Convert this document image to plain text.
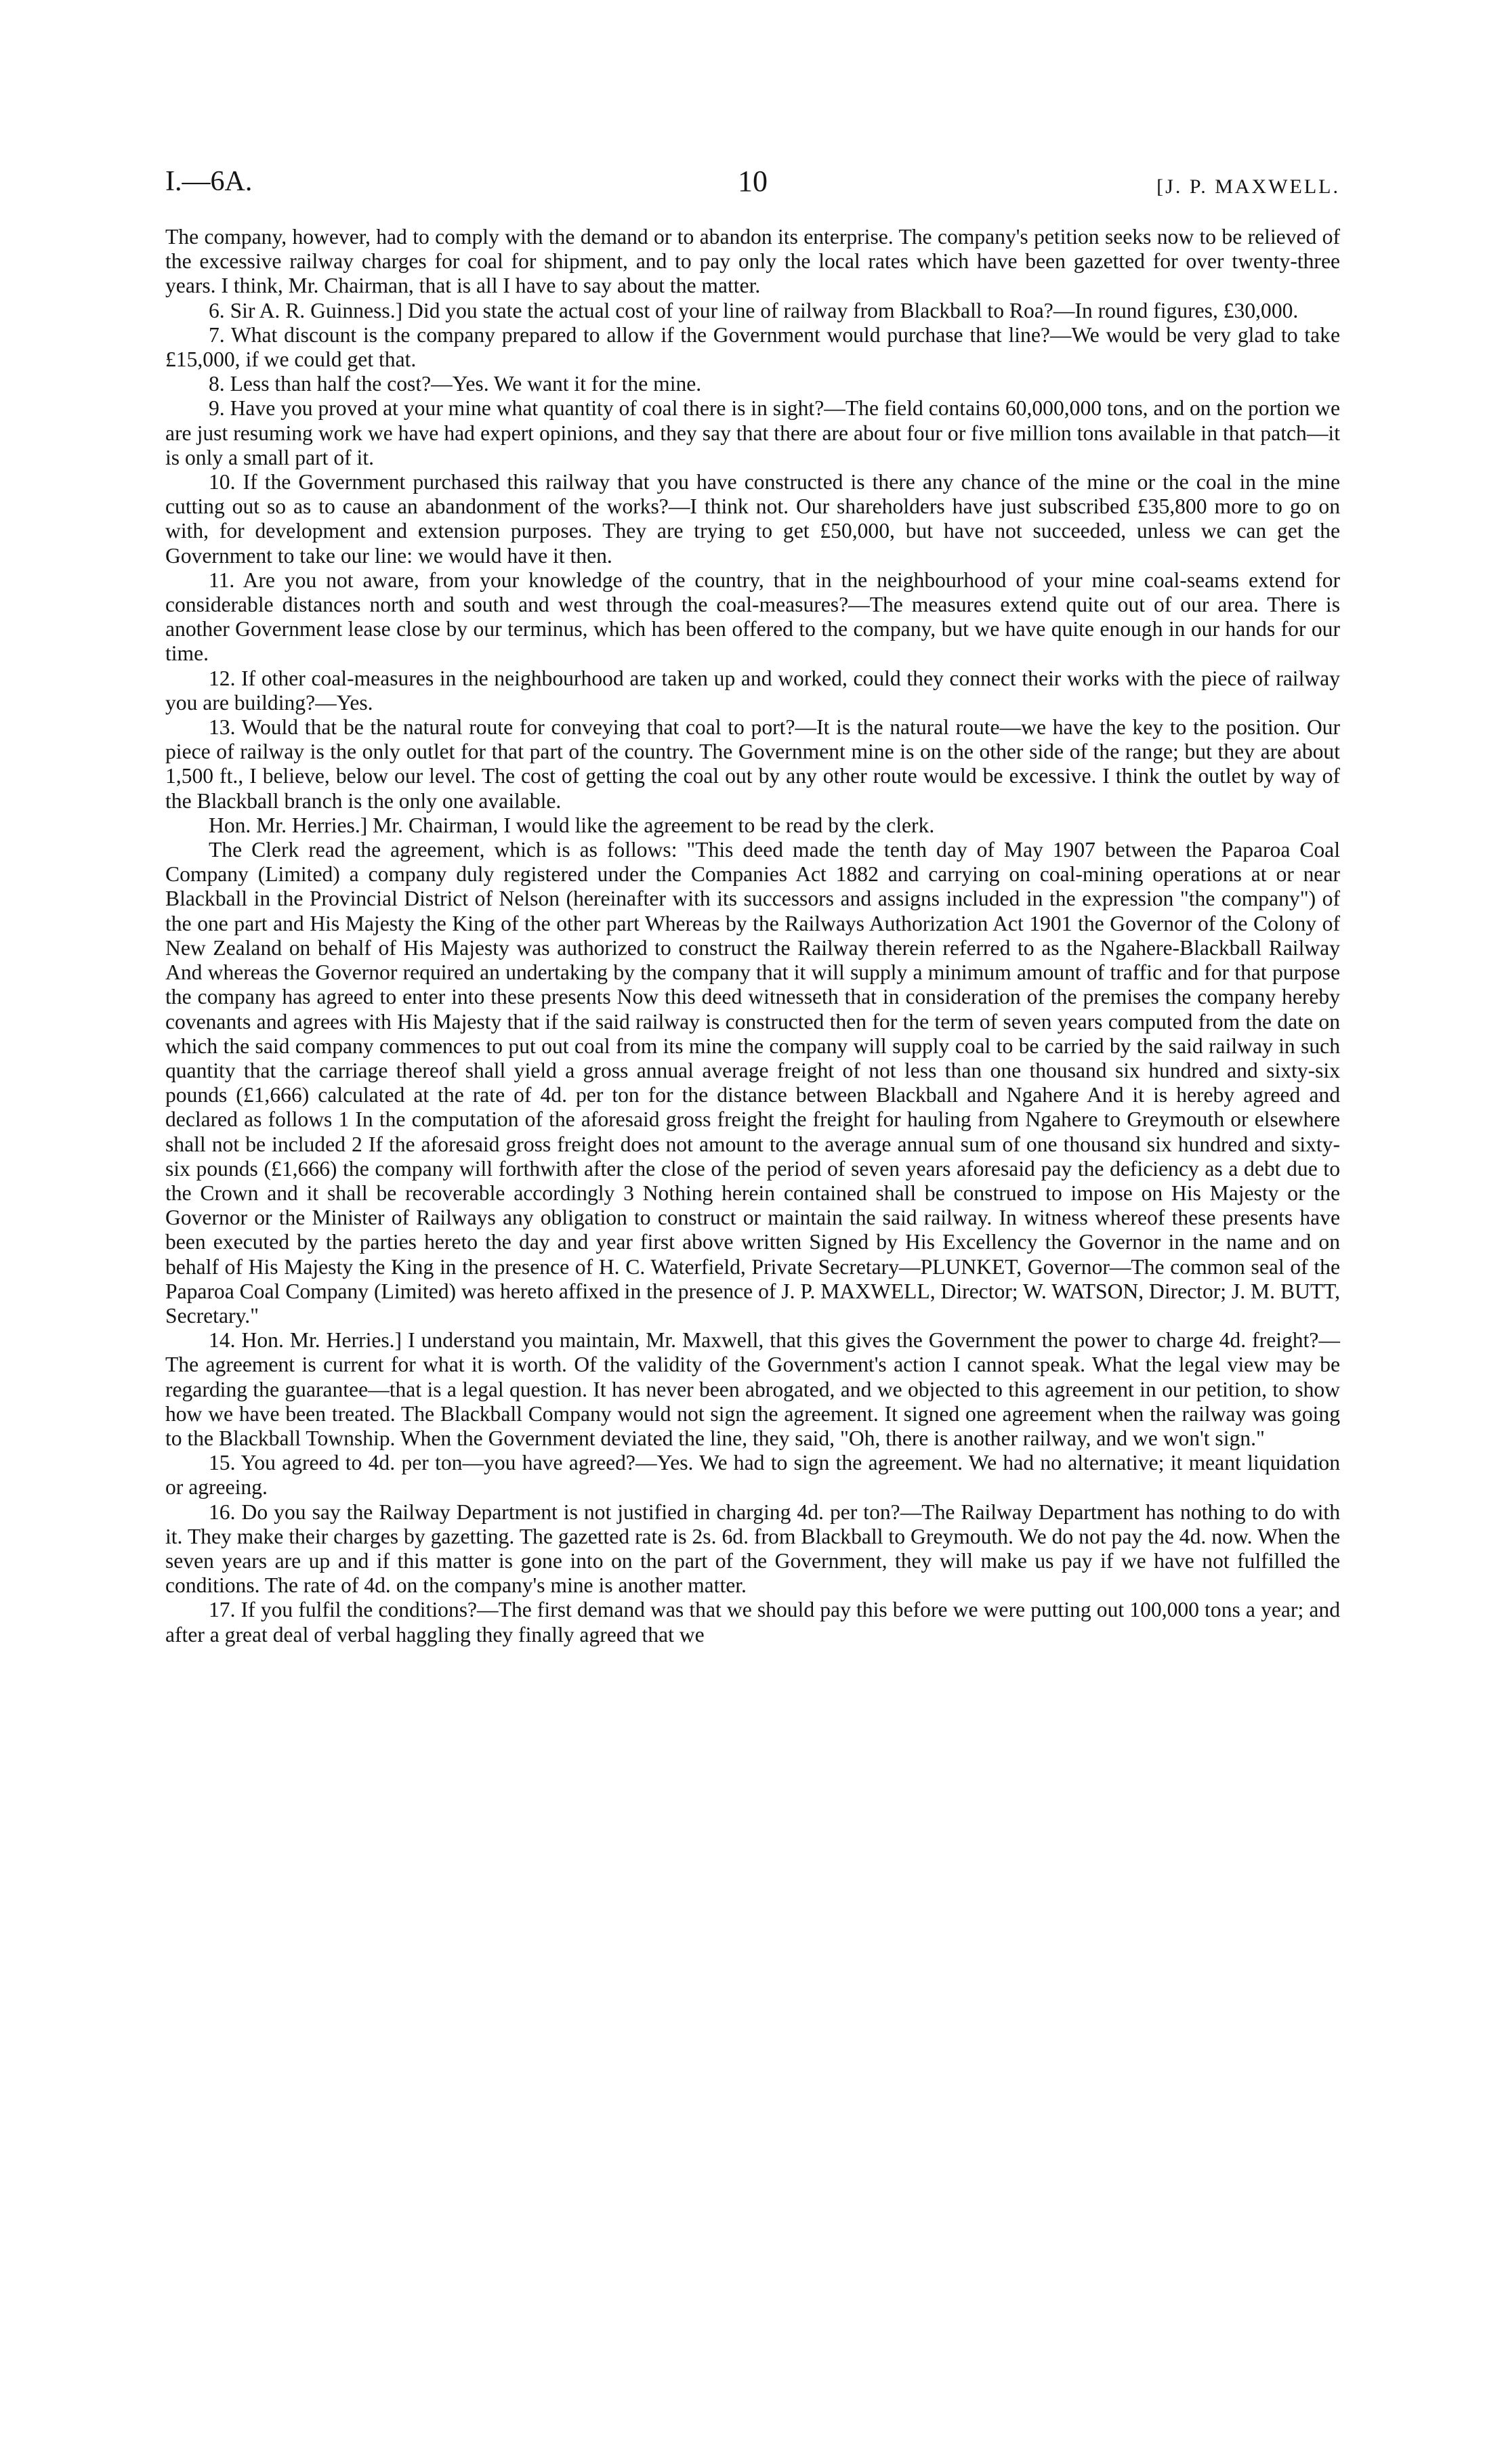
I.—6A.	10	[J. P. MAXWELL.

The company, however, had to comply with the demand or to abandon its enterprise. The company's petition seeks now to be relieved of the excessive railway charges for coal for shipment, and to pay only the local rates which have been gazetted for over twenty-three years. I think, Mr. Chairman, that is all I have to say about the matter.

6. Sir A. R. Guinness.] Did you state the actual cost of your line of railway from Blackball to Roa?—In round figures, £30,000.

7. What discount is the company prepared to allow if the Government would purchase that line?—We would be very glad to take £15,000, if we could get that.

8. Less than half the cost?—Yes. We want it for the mine.

9. Have you proved at your mine what quantity of coal there is in sight?—The field contains 60,000,000 tons, and on the portion we are just resuming work we have had expert opinions, and they say that there are about four or five million tons available in that patch—it is only a small part of it.

10. If the Government purchased this railway that you have constructed is there any chance of the mine or the coal in the mine cutting out so as to cause an abandonment of the works?—I think not. Our shareholders have just subscribed £35,800 more to go on with, for development and extension purposes. They are trying to get £50,000, but have not succeeded, unless we can get the Government to take our line: we would have it then.

11. Are you not aware, from your knowledge of the country, that in the neighbourhood of your mine coal-seams extend for considerable distances north and south and west through the coal-measures?—The measures extend quite out of our area. There is another Government lease close by our terminus, which has been offered to the company, but we have quite enough in our hands for our time.

12. If other coal-measures in the neighbourhood are taken up and worked, could they connect their works with the piece of railway you are building?—Yes.

13. Would that be the natural route for conveying that coal to port?—It is the natural route—we have the key to the position. Our piece of railway is the only outlet for that part of the country. The Government mine is on the other side of the range; but they are about 1,500 ft., I believe, below our level. The cost of getting the coal out by any other route would be excessive. I think the outlet by way of the Blackball branch is the only one available.

Hon. Mr. Herries.] Mr. Chairman, I would like the agreement to be read by the clerk.

The Clerk read the agreement, which is as follows: "This deed made the tenth day of May 1907 between the Paparoa Coal Company (Limited) a company duly registered under the Companies Act 1882 and carrying on coal-mining operations at or near Blackball in the Provincial District of Nelson (hereinafter with its successors and assigns included in the expression "the company") of the one part and His Majesty the King of the other part Whereas by the Railways Authorization Act 1901 the Governor of the Colony of New Zealand on behalf of His Majesty was authorized to construct the Railway therein referred to as the Ngahere-Blackball Railway And whereas the Governor required an undertaking by the company that it will supply a minimum amount of traffic and for that purpose the company has agreed to enter into these presents Now this deed witnesseth that in consideration of the premises the company hereby covenants and agrees with His Majesty that if the said railway is constructed then for the term of seven years computed from the date on which the said company commences to put out coal from its mine the company will supply coal to be carried by the said railway in such quantity that the carriage thereof shall yield a gross annual average freight of not less than one thousand six hundred and sixty-six pounds (£1,666) calculated at the rate of 4d. per ton for the distance between Blackball and Ngahere And it is hereby agreed and declared as follows 1 In the computation of the aforesaid gross freight the freight for hauling from Ngahere to Greymouth or elsewhere shall not be included 2 If the aforesaid gross freight does not amount to the average annual sum of one thousand six hundred and sixty-six pounds (£1,666) the company will forthwith after the close of the period of seven years aforesaid pay the deficiency as a debt due to the Crown and it shall be recoverable accordingly 3 Nothing herein contained shall be construed to impose on His Majesty or the Governor or the Minister of Railways any obligation to construct or maintain the said railway. In witness whereof these presents have been executed by the parties hereto the day and year first above written Signed by His Excellency the Governor in the name and on behalf of His Majesty the King in the presence of H. C. Waterfield, Private Secretary—PLUNKET, Governor—The common seal of the Paparoa Coal Company (Limited) was hereto affixed in the presence of J. P. MAXWELL, Director; W. WATSON, Director; J. M. BUTT, Secretary."

14. Hon. Mr. Herries.] I understand you maintain, Mr. Maxwell, that this gives the Government the power to charge 4d. freight?—The agreement is current for what it is worth. Of the validity of the Government's action I cannot speak. What the legal view may be regarding the guarantee—that is a legal question. It has never been abrogated, and we objected to this agreement in our petition, to show how we have been treated. The Blackball Company would not sign the agreement. It signed one agreement when the railway was going to the Blackball Township. When the Government deviated the line, they said, "Oh, there is another railway, and we won't sign."

15. You agreed to 4d. per ton—you have agreed?—Yes. We had to sign the agreement. We had no alternative; it meant liquidation or agreeing.

16. Do you say the Railway Department is not justified in charging 4d. per ton?—The Railway Department has nothing to do with it. They make their charges by gazetting. The gazetted rate is 2s. 6d. from Blackball to Greymouth. We do not pay the 4d. now. When the seven years are up and if this matter is gone into on the part of the Government, they will make us pay if we have not fulfilled the conditions. The rate of 4d. on the company's mine is another matter.

17. If you fulfil the conditions?—The first demand was that we should pay this before we were putting out 100,000 tons a year; and after a great deal of verbal haggling they finally agreed that we
